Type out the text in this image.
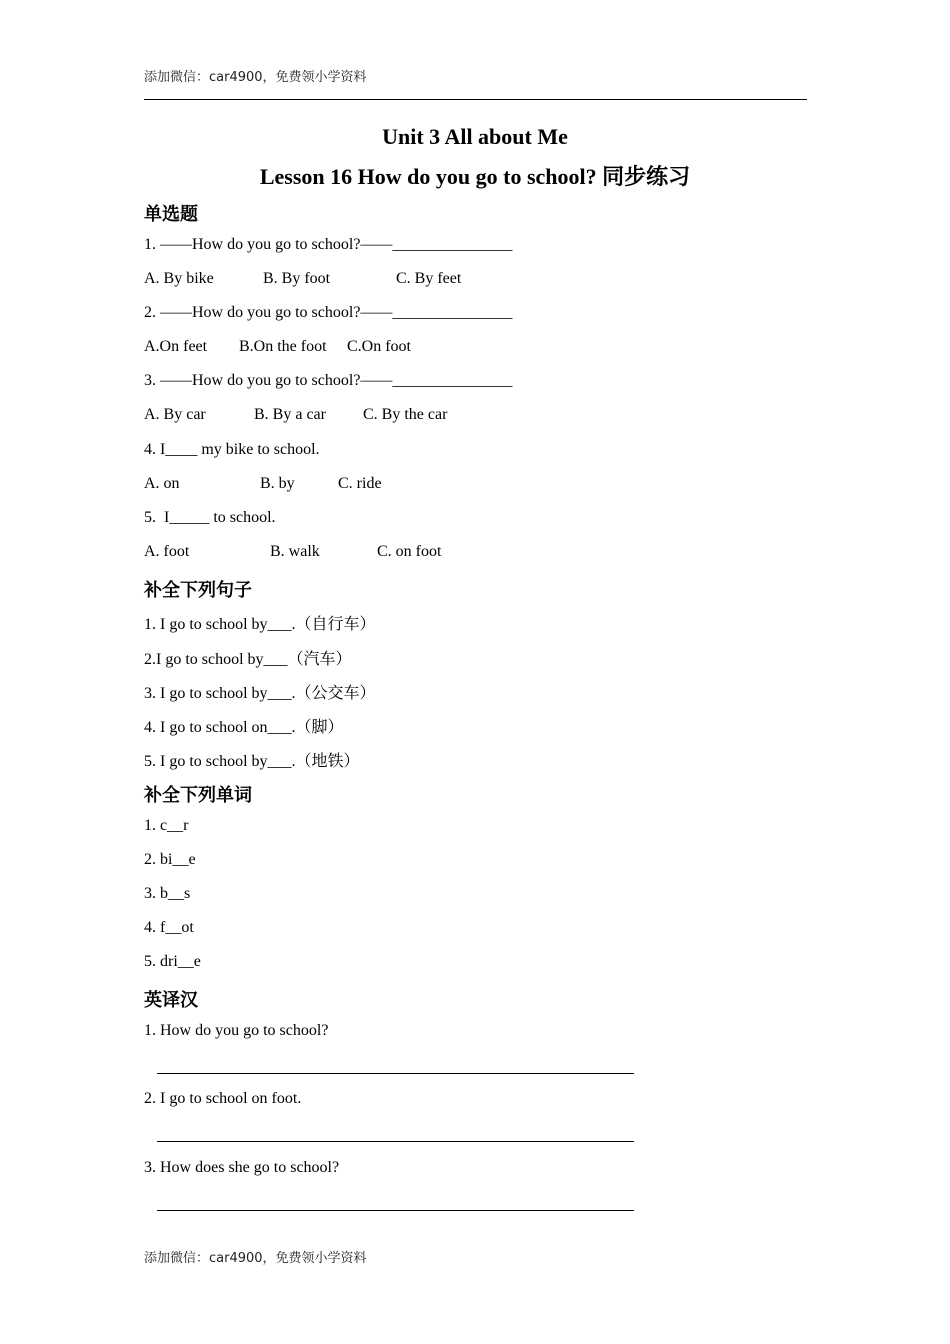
添加微信：car4900，免费领小学资料
Unit 3 All about Me
Lesson 16 How do you go to school? 同步练习
单选题
1. ——How do you go to school?——_______________
A. By bike	B. By foot	C. By feet
2. ——How do you go to school?——_______________
A.On feet B.On the foot C.On foot
3. ——How do you go to school?——_______________
A. By car	B. By a car C. By the car
4. I____ my bike to school.
A. on	B. by	C. ride
5.  I_____ to school.
A. foot	B. walk	C. on foot
补全下列句子
1. I go to school by___.（自行车）
2.I go to school by___（汽车）
3. I go to school by___.（公交车）
4. I go to school on___.（脚）
5. I go to school by___.（地铁）
补全下列单词
1. c__r
2. bi__e
3. b__s
4. f__ot
5. dri__e
英译汉
1. How do you go to school?
2. I go to school on foot.
3. How does she go to school?
添加微信：car4900，免费领小学资料
